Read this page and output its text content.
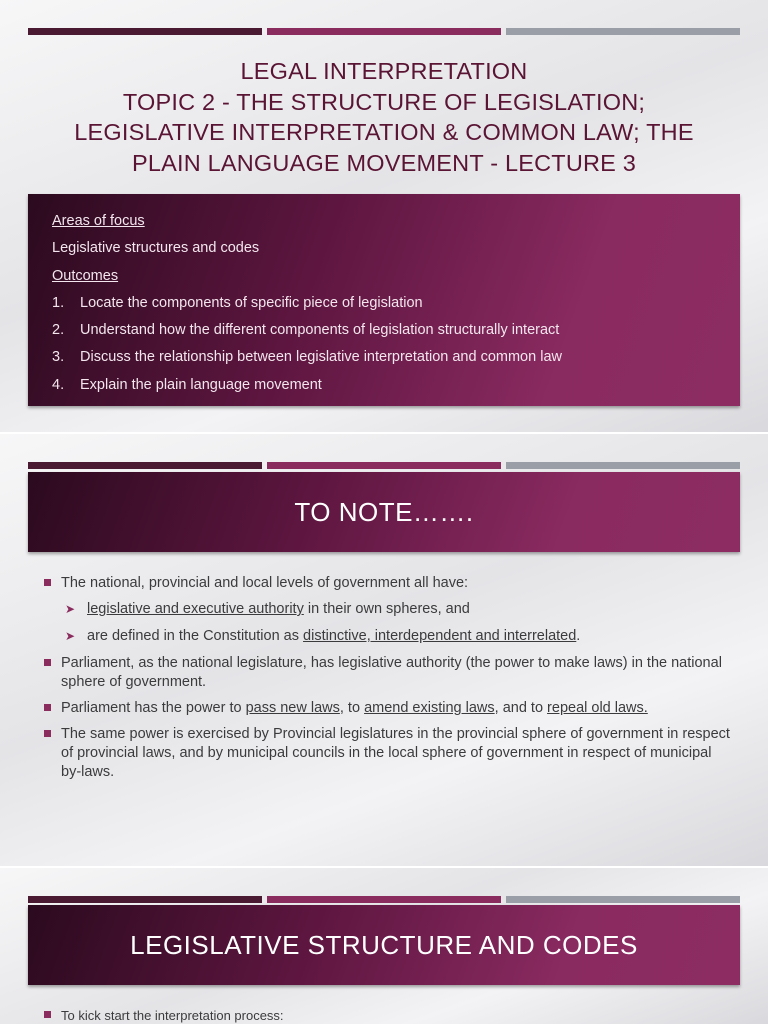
LEGAL INTERPRETATION
TOPIC 2 - THE STRUCTURE OF LEGISLATION;
LEGISLATIVE INTERPRETATION & COMMON LAW; THE
PLAIN LANGUAGE MOVEMENT - LECTURE 3
Areas of focus
Legislative structures and codes
Outcomes
1. Locate the components of specific piece of legislation
2. Understand how the different components of legislation structurally interact
3. Discuss the relationship between legislative interpretation and common law
4. Explain the plain language movement
TO NOTE…….
The national, provincial and local levels of government all have:
➤ legislative and executive authority in their own spheres, and
➤ are defined in the Constitution as distinctive, interdependent and interrelated.
Parliament, as the national legislature, has legislative authority (the power to make laws) in the national sphere of government.
Parliament has the power to pass new laws, to amend existing laws, and to repeal old laws.
The same power is exercised by Provincial legislatures in the provincial sphere of government in respect of provincial laws, and by municipal councils in the local sphere of government in respect of municipal by-laws.
LEGISLATIVE STRUCTURE AND CODES
To kick start the interpretation process:
